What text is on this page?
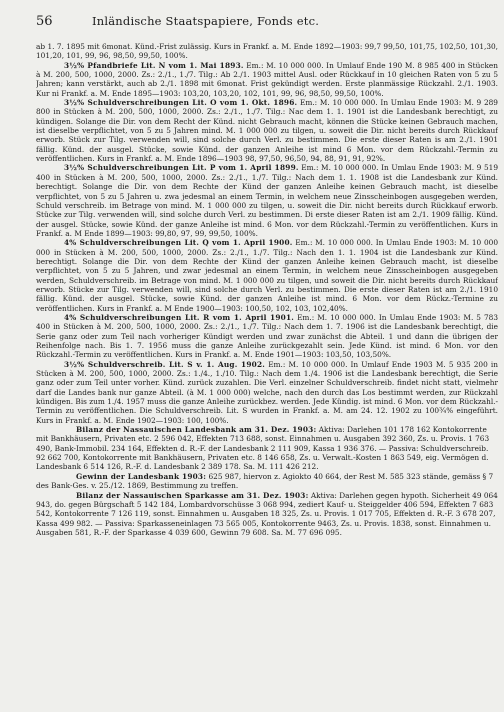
56	Inländische Staatspapiere, Fonds etc.

ab 1. 7. 1895 mit 6monat. Künd.-Frist zulässig. Kurs in Frankf. a. M. Ende 1892—1903: 99,7 99,50, 101,75, 102,50, 101,30, 101,20, 101, 99, 96, 98,50, 99,50, 100%.

3½% Pfandbriefe Lit. N vom 1. Mai 1893. Em.: M. 10 000 000. In Umlauf Ende 190 M. 8 985 400 in Stücken à M. 200, 500, 1000, 2000. Zs.: 2./1., 1./7. Tilg.: Ab 2./1. 1903 mittel Ausl. oder Rückkauf in 10 gleichen Raten von 5 zu 5 Jahren; kann verstärkt, auch ab 2./1. 1898 mit 6monat. Frist gekündigt werden. Erste planmässige Rückzahl. 2./1. 1903. Kur ni Frankf. a. M. Ende 1895—1903: 103,20, 103,20, 102, 101, 99, 96, 98,50, 99,50, 100%.

3½% Schuldverschreibungen Lit. O vom 1. Okt. 1896. Em.: M. 10 000 000. In Umlau Ende 1903: M. 9 289 800 in Stücken à M. 200, 500, 1000, 2000. Zs.: 2./1., 1./7. Tilg.: Nac dem 1. 1. 1901 ist die Landesbank berechtigt, zu kündigen. Solange die Dir. von dem Recht der Künd. nicht Gebrauch macht, können die Stücke keinen Gebrauch machen, ist dieselbe verpflichtet, von 5 zu 5 Jahren mind. M. 1 000 000 zu tilgen, u. soweit die Dir. nicht bereits durch Rückkauf erworb. Stück zur Tilg. verwenden will, sind solche durch Verl. zu bestimmen. Die erste dieser Raten is am 2./1. 1901 fällig. Künd. der ausgel. Stücke, sowie Künd. der ganzen Anleihe ist mind 6 Mon. vor dem Rückzahl.-Termin zu veröffentlichen. Kurs in Frankf. a. M. Ende 1896—1903 98, 97,50, 96,50, 94, 88, 91, 91, 92%.

3½% Schuldverschreibungen Lit. P vom 1. April 1899. Em.: M. 10 000 000. In Umlau Ende 1903: M. 9 519 400 in Stücken à M. 200, 500, 1000, 2000. Zs.: 2./1., 1./7. Tilg.: Nach dem 1. 1. 1908 ist die Landesbank zur Künd. berechtigt. Solange die Dir. von dem Rechte der Künd der ganzen Anleihe keinen Gebrauch macht, ist dieselbe verpflichtet, von 5 zu 5 Jahren u. zwa jedesmal an einem Termin, in welchem neue Zinsscheinbogen ausgegeben werden, Schuld verschreib. im Betrage von mind. M. 1 000 000 zu tilgen, u. soweit die Dir. nicht bereits durch Rückkauf erworb. Stücke zur Tilg. verwenden will, sind solche durch Verl. zu bestimmen. Di erste dieser Raten ist am 2./1. 1909 fällig. Künd. der ausgel. Stücke, sowie Künd. der ganze Anleihe ist mind. 6 Mon. vor dem Rückzahl.-Termin zu veröffentlichen. Kurs in Frankf. a. M Ende 1899—1903: 99,80, 97, 99, 99,50, 100%.

4% Schuldverschreibungen Lit. Q vom 1. April 1900. Em.: M. 10 000 000. In Umlau Ende 1903: M. 10 000 000 in Stücken à M. 200, 500, 1000, 2000. Zs.: 2./1., 1./7. Tilg.: Nach den 1. 1. 1904 ist die Landesbank zur Künd. berechtigt. Solange die Dir. von dem Rechte der Künd der ganzen Anleihe keinen Gebrauch macht, ist dieselbe verpflichtet, von 5 zu 5 Jahren, und zwar jedesmal an einem Termin, in welchem neue Zinsscheinbogen ausgegeben werden, Schuldverschreib. im Betrage von mind. M. 1 000 000 zu tilgen, und soweit die Dir. nicht bereits durch Rückkauf erworb. Stücke zur Tilg. verwenden will, sind solche durch Verl. zu bestimmen. Die erste dieser Raten ist am 2./1. 1910 fällig. Künd. der ausgel. Stücke, sowie Künd. der ganzen Anleihe ist mind. 6 Mon. vor dem Rückz.-Termine zu veröffentlichen. Kurs in Frankf. a. M Ende 1900—1903: 100,50, 102, 103, 102,40%.

4% Schuldverschreibungen Lit. R vom 1. April 1901. Em.: M. 10 000 000. In Umlau Ende 1903: M. 5 783 400 in Stücken à M. 200, 500, 1000, 2000. Zs.: 2./1., 1./7. Tilg.: Nach dem 1. 7. 1906 ist die Landesbank berechtigt, die Serie ganz oder zum Teil nach vorheriger Kündigt werden und zwar zunächst die Abteil. 1 und dann die übrigen der Reihenfolge nach. Bis 1. 7. 1956 muss die ganze Anleihe zurückgezahlt sein. Jede Künd. ist mind. 6 Mon. vor den Rückzahl.-Termin zu veröffentlichen. Kurs in Frankf. a. M. Ende 1901—1903: 103,50, 103,50%.

3½% Schuldverschreib. Lit. S v. 1. Aug. 1902. Em.: M. 10 000 000. In Umlauf Ende 1903 M. 5 935 200 in Stücken à M. 200, 500, 1000, 2000. Zs.: 1./4., 1./10. Tilg.: Nach dem 1./4. 1906 ist die Landesbank berechtigt, die Serie ganz oder zum Teil unter vorher. Künd. zurück zuzahlen. Die Verl. einzelner Schuldverschreib. findet nicht statt, vielmehr darf die Landes bank nur ganze Abteil. (à M. 1 000 000) welche, nach den durch das Los bestimmt werden, zur Rückzahl kündigen. Bis zum 1./4. 1957 muss die ganze Anleihe zurückbez. werden. Jede Kündig. ist mind. 6 Mon. vor dem Rückzahl.-Termin zu veröffentlichen. Die Schuldverschreib. Lit. S wurden in Frankf. a. M. am 24. 12. 1902 zu 100¾% eingeführt. Kurs in Frankf. a. M. Ende 1902—1903: 100, 100%.

Bilanz der Nassauischen Landesbank am 31. Dez. 1903: Aktiva: Darlehen 101 178 162 Kontokorrente mit Bankhäusern, Privaten etc. 2 596 042, Effekten 713 688, sonst. Einnahmen u. Ausgaben 392 360, Zs. u. Provis. 1 763 490, Bank-Immobil. 234 164, Effekten d. R.-F. der Landesbank 2 111 909, Kassa 1 936 376. — Passiva: Schuldverschreib. 92 662 700, Kontokorrente mit Bankhäusern, Privaten etc. 8 146 658, Zs. u. Verwalt.-Kosten 1 863 549, eig. Vermögen d. Landesbank 6 514 126, R.-F. d. Landesbank 2 389 178. Sa. M. 111 426 212.

Gewinn der Landesbank 1903: 625 987, hiervon z. Agiokto 40 664, der Rest M. 585 323 stände, gemäss § 7 des Bank-Ges. v. 25./12. 1869, Bestimmung zu treffen.

Bilanz der Nassauischen Sparkasse am 31. Dez. 1903: Aktiva: Darlehen gegen hypoth. Sicherheit 49 064 943, do. gegen Bürgschaft 5 142 184, Lombardvorschüsse 3 068 994, zediert Kauf- u. Steiggelder 406 594, Effekten 7 683 542, Kontokorrente 7 126 119, sonst. Einnahmen u. Ausgaben 18 325, Zs. u. Provis. 1 017 705, Effekten d. R.-F. 3 678 207, Kassa 499 982. — Passiva: Sparkasseneinlagen 73 565 005, Kontokorrente 9463, Zs. u. Provis. 1838, sonst. Einnahmen u. Ausgaben 581, R.-F. der Sparkasse 4 039 600, Gewinn 79 608. Sa. M. 77 696 095.
